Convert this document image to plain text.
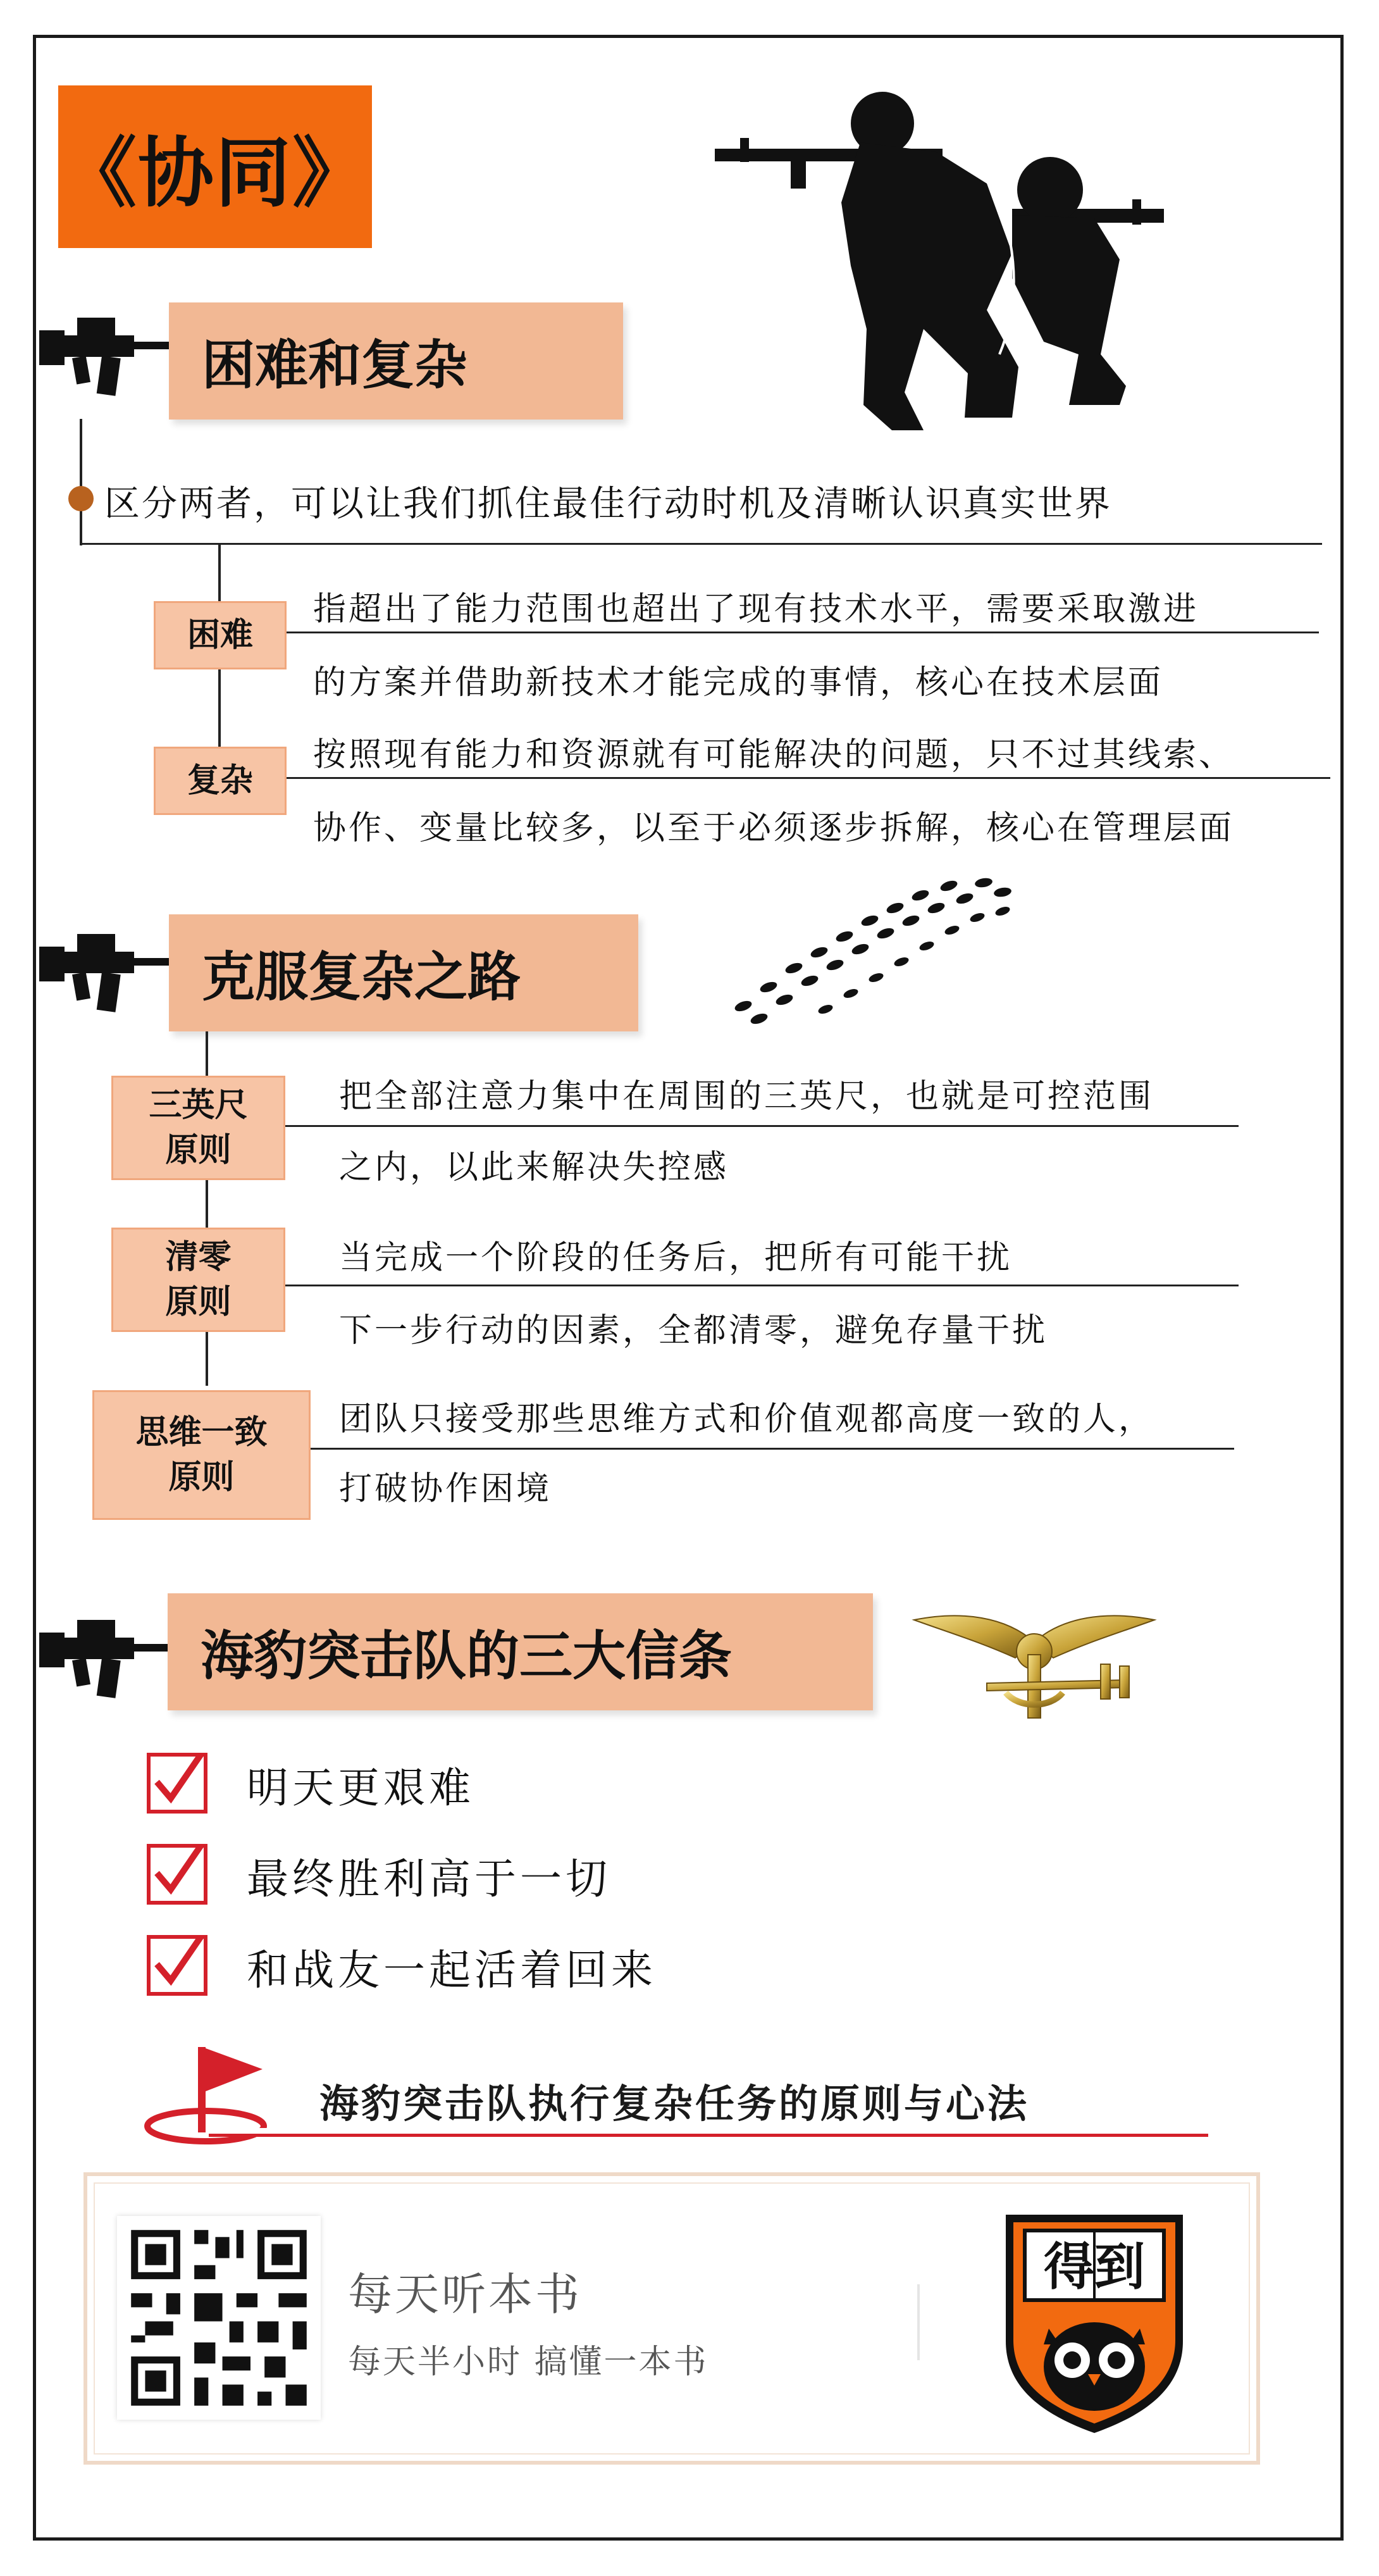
《协同》
困难和复杂
区分两者，可以让我们抓住最佳行动时机及清晰认识真实世界
困难
指超出了能力范围也超出了现有技术水平，需要采取激进
的方案并借助新技术才能完成的事情，核心在技术层面
复杂
按照现有能力和资源就有可能解决的问题，只不过其线索、
协作、变量比较多，以至于必须逐步拆解，核心在管理层面
克服复杂之路
三英尺
原则
把全部注意力集中在周围的三英尺，也就是可控范围
之内，以此来解决失控感
清零
原则
当完成一个阶段的任务后，把所有可能干扰
下一步行动的因素，全都清零，避免存量干扰
思维一致
原则
团队只接受那些思维方式和价值观都高度一致的人，
打破协作困境
海豹突击队的三大信条
明天更艰难
最终胜利高于一切
和战友一起活着回来
海豹突击队执行复杂任务的原则与心法
每天听本书
每天半小时 搞懂一本书
得到
